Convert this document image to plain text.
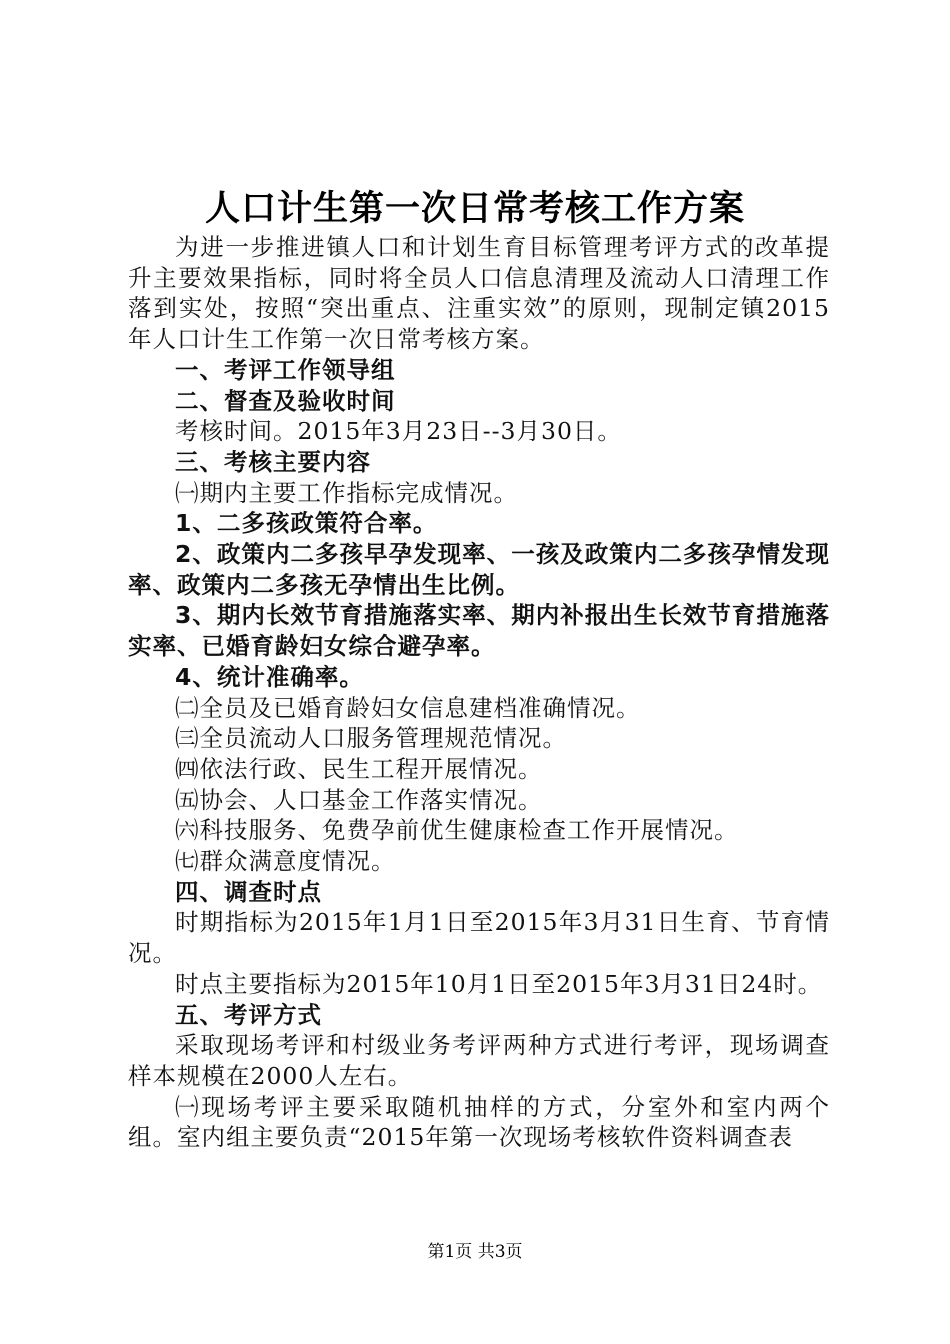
人口计生第一次日常考核工作方案

为进一步推进镇人口和计划生育目标管理考评方式的改革提升主要效果指标，同时将全员人口信息清理及流动人口清理工作落到实处，按照“突出重点、注重实效”的原则，现制定镇2015年人口计生工作第一次日常考核方案。

一、考评工作领导组

二、督查及验收时间

考核时间。2015年3月23日--3月30日。

三、考核主要内容

㈠期内主要工作指标完成情况。

1、二多孩政策符合率。

2、政策内二多孩早孕发现率、一孩及政策内二多孩孕情发现率、政策内二多孩无孕情出生比例。

3、期内长效节育措施落实率、期内补报出生长效节育措施落实率、已婚育龄妇女综合避孕率。

4、统计准确率。

㈡全员及已婚育龄妇女信息建档准确情况。

㈢全员流动人口服务管理规范情况。

㈣依法行政、民生工程开展情况。

㈤协会、人口基金工作落实情况。

㈥科技服务、免费孕前优生健康检查工作开展情况。

㈦群众满意度情况。

四、调查时点

时期指标为2015年1月1日至2015年3月31日生育、节育情况。

时点主要指标为2015年10月1日至2015年3月31日24时。

五、考评方式

采取现场考评和村级业务考评两种方式进行考评，现场调查样本规模在2000人左右。

㈠现场考评主要采取随机抽样的方式，分室外和室内两个组。室内组主要负责“2015年第一次现场考核软件资料调查表

第1页 共3页
